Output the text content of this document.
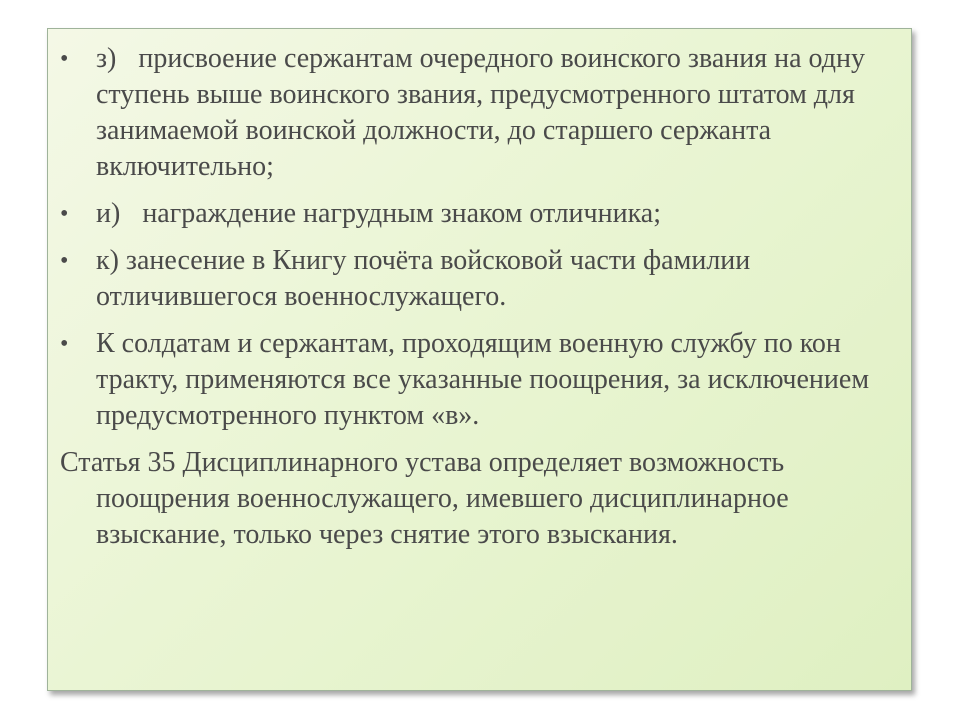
• з) присвоение сержантам очередного воинского звания на одну ступень выше воинского звания, предусмотренного штатом для занимаемой воинской должности, до старшего сержанта включительно;
• и) награждение нагрудным знаком отличника;
• к) занесение в Книгу почёта войсковой части фамилии отличившегося военнослужащего.
• К солдатам и сержантам, проходящим военную службу по кон тракту, применяются все указанные поощрения, за исключением предусмотренного пунктом «в».
Статья 35 Дисциплинарного устава определяет возможность поощрения военнослужащего, имевшего дисциплинарное взыскание, только через снятие этого взыскания.
